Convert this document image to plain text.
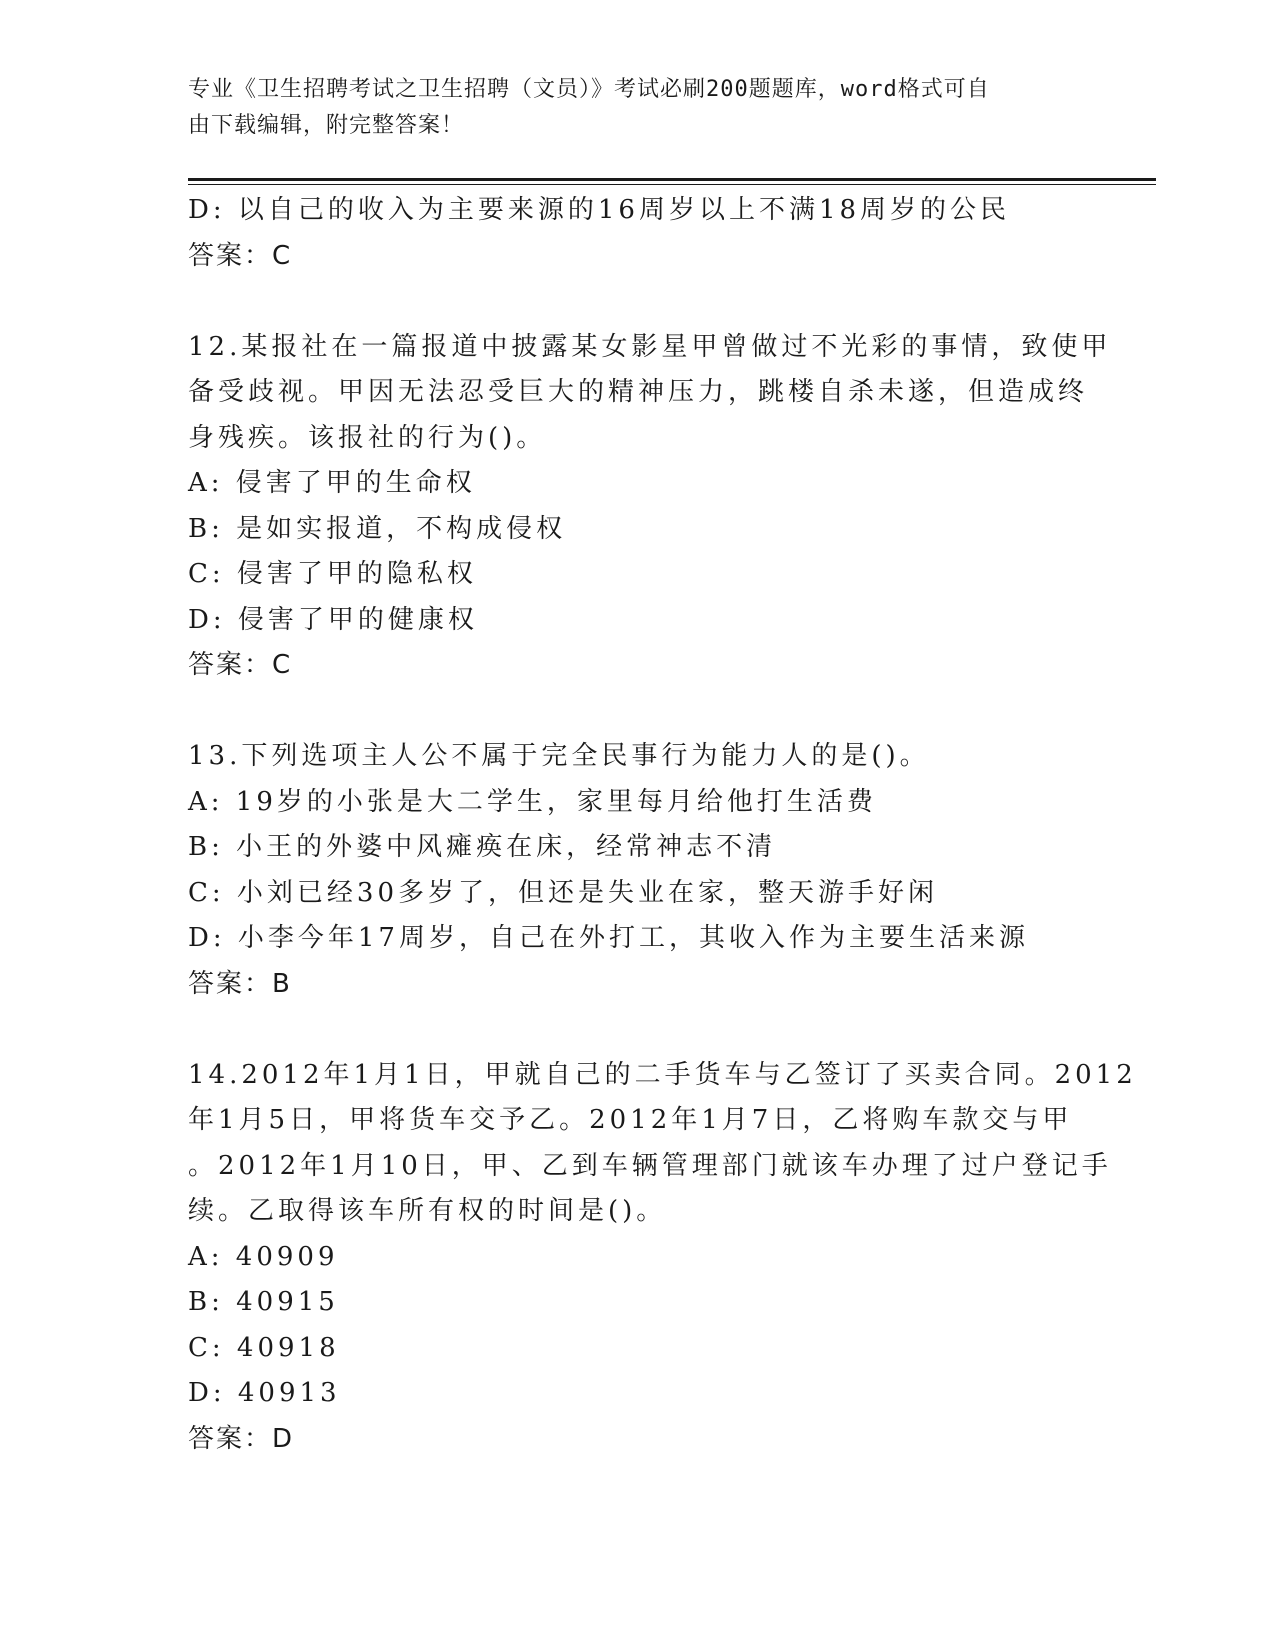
专业《卫生招聘考试之卫生招聘（文员）》考试必刷200题题库，word格式可自
由下载编辑，附完整答案！
D: 以自己的收入为主要来源的16周岁以上不满18周岁的公民
答案：C
12.某报社在一篇报道中披露某女影星甲曾做过不光彩的事情，致使甲
备受歧视。甲因无法忍受巨大的精神压力，跳楼自杀未遂，但造成终
身残疾。该报社的行为()。
A: 侵害了甲的生命权
B: 是如实报道，不构成侵权
C: 侵害了甲的隐私权
D: 侵害了甲的健康权
答案：C
13.下列选项主人公不属于完全民事行为能力人的是()。
A: 19岁的小张是大二学生，家里每月给他打生活费
B: 小王的外婆中风瘫痪在床，经常神志不清
C: 小刘已经30多岁了，但还是失业在家，整天游手好闲
D: 小李今年17周岁，自己在外打工，其收入作为主要生活来源
答案：B
14.2012年1月1日，甲就自己的二手货车与乙签订了买卖合同。2012
年1月5日，甲将货车交予乙。2012年1月7日，乙将购车款交与甲
。2012年1月10日，甲、乙到车辆管理部门就该车办理了过户登记手
续。乙取得该车所有权的时间是()。
A: 40909
B: 40915
C: 40918
D: 40913
答案：D
